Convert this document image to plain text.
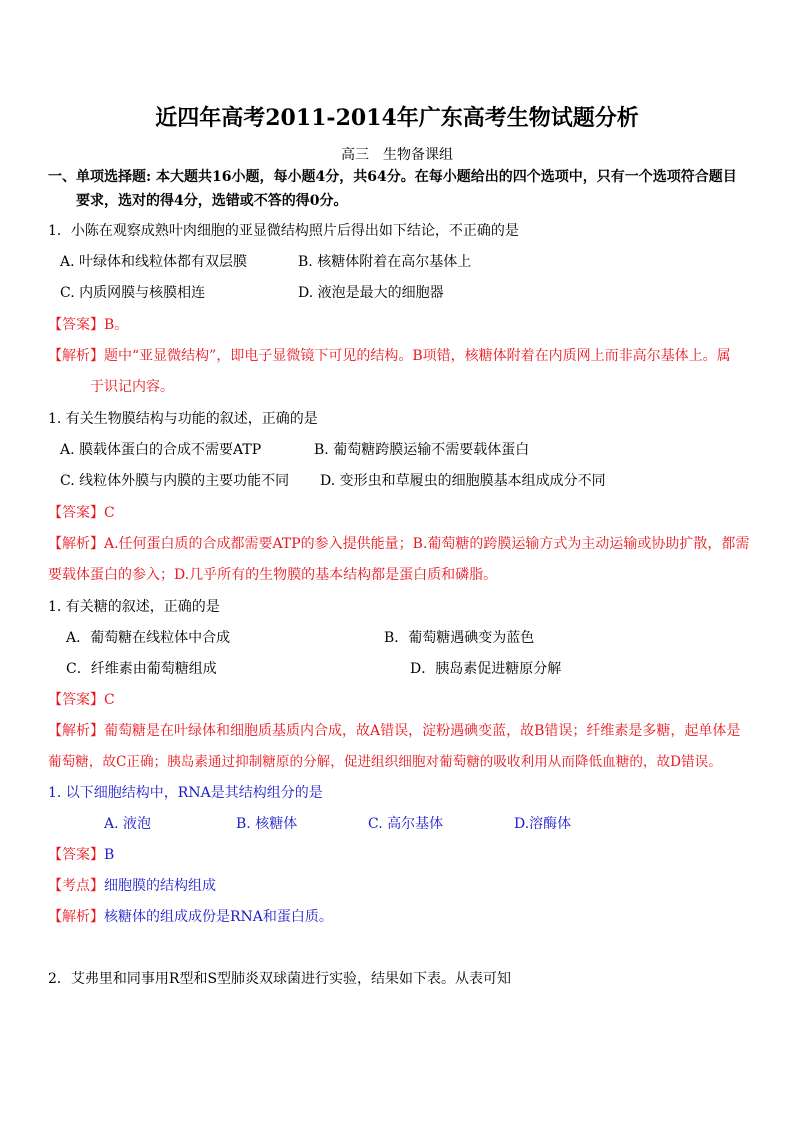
近四年高考2011-2014年广东高考生物试题分析
高三　生物备课组
一、单项选择题: 本大题共16小题，每小题4分，共64分。在每小题给出的四个选项中，只有一个选项符合题目
要求，选对的得4分，选错或不答的得0分。
1．小陈在观察成熟叶肉细胞的亚显微结构照片后得出如下结论，不正确的是
A. 叶绿体和线粒体都有双层膜	B. 核糖体附着在高尔基体上
C. 内质网膜与核膜相连	D. 液泡是最大的细胞器
【答案】B。
【解析】题中“亚显微结构”，即电子显微镜下可见的结构。B项错，核糖体附着在内质网上而非高尔基体上。属
于识记内容。
1. 有关生物膜结构与功能的叙述，正确的是
A. 膜载体蛋白的合成不需要ATP	B. 葡萄糖跨膜运输不需要载体蛋白
C. 线粒体外膜与内膜的主要功能不同 D. 变形虫和草履虫的细胞膜基本组成成分不同
【答案】C
【解析】A.任何蛋白质的合成都需要ATP的参入提供能量；B.葡萄糖的跨膜运输方式为主动运输或协助扩散，都需
要载体蛋白的参入；D.几乎所有的生物膜的基本结构都是蛋白质和磷脂。
1. 有关糖的叙述，正确的是
A．葡萄糖在线粒体中合成	B．葡萄糖遇碘变为蓝色
C．纤维素由葡萄糖组成	D．胰岛素促进糖原分解
【答案】C
【解析】葡萄糖是在叶绿体和细胞质基质内合成，故A错误，淀粉遇碘变蓝，故B错误；纤维素是多糖，起单体是
葡萄糖，故C正确；胰岛素通过抑制糖原的分解，促进组织细胞对葡萄糖的吸收利用从而降低血糖的，故D错误。
1. 以下细胞结构中，RNA是其结构组分的是
A. 液泡	B. 核糖体	C. 高尔基体	D.溶酶体
【答案】B
【考点】细胞膜的结构组成
【解析】核糖体的组成成份是RNA和蛋白质。
2．艾弗里和同事用R型和S型肺炎双球菌进行实验，结果如下表。从表可知
